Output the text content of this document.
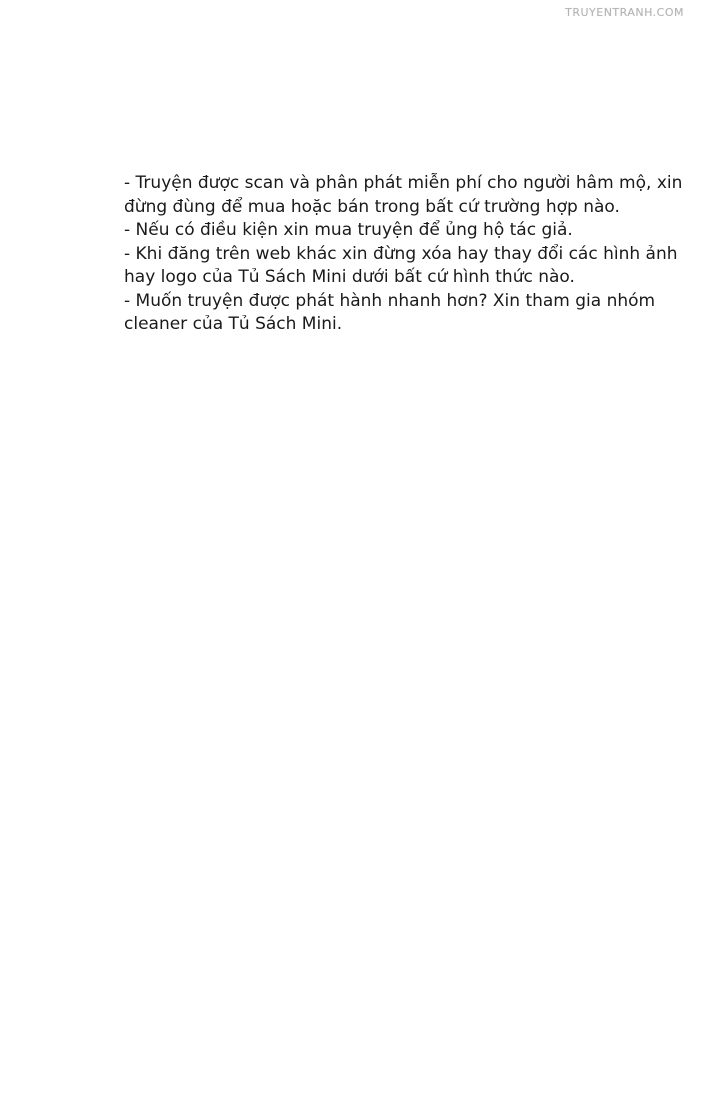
TRUYENTRANH.COM

- Truyện được scan và phân phát miễn phí cho người hâm mộ, xin

đừng đùng để mua hoặc bán trong bất cứ trường hợp nào.

- Nếu có điều kiện xin mua truyện để ủng hộ tác giả.

- Khi đăng trên web khác xin đừng xóa hay thay đổi các hình ảnh

hay logo của Tủ Sách Mini dưới bất cứ hình thức nào.

- Muốn truyện được phát hành nhanh hơn? Xin tham gia nhóm

cleaner của Tủ Sách Mini.
